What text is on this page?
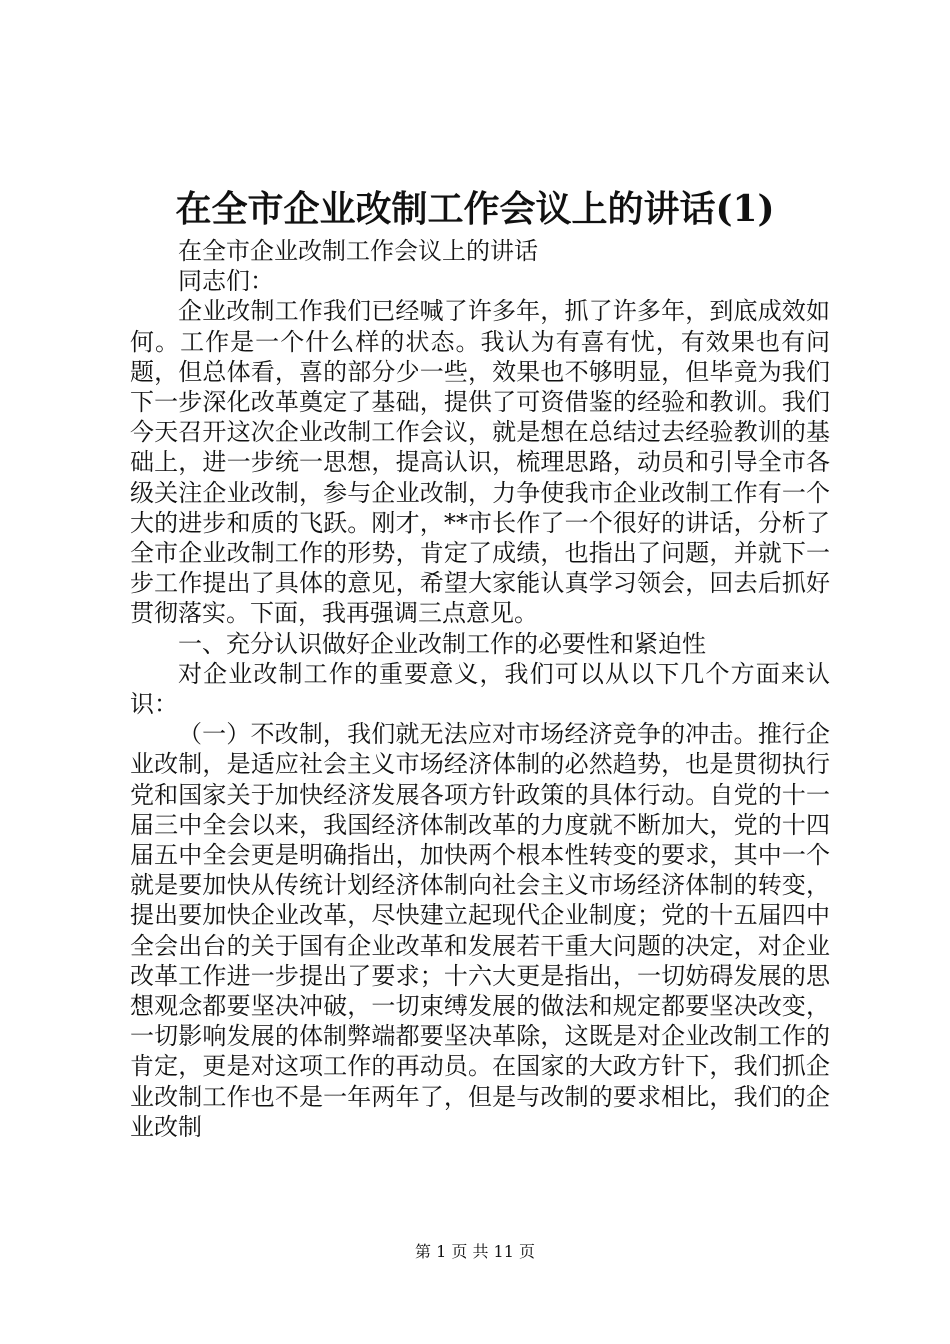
在全市企业改制工作会议上的讲话(1)

在全市企业改制工作会议上的讲话

同志们：

企业改制工作我们已经喊了许多年，抓了许多年，到底成效如何。工作是一个什么样的状态。我认为有喜有忧，有效果也有问题，但总体看，喜的部分少一些，效果也不够明显，但毕竟为我们下一步深化改革奠定了基础，提供了可资借鉴的经验和教训。我们今天召开这次企业改制工作会议，就是想在总结过去经验教训的基础上，进一步统一思想，提高认识，梳理思路，动员和引导全市各级关注企业改制，参与企业改制，力争使我市企业改制工作有一个大的进步和质的飞跃。刚才，**市长作了一个很好的讲话，分析了全市企业改制工作的形势，肯定了成绩，也指出了问题，并就下一步工作提出了具体的意见，希望大家能认真学习领会，回去后抓好贯彻落实。下面，我再强调三点意见。

一、充分认识做好企业改制工作的必要性和紧迫性

对企业改制工作的重要意义，我们可以从以下几个方面来认识：

（一）不改制，我们就无法应对市场经济竞争的冲击。推行企业改制，是适应社会主义市场经济体制的必然趋势，也是贯彻执行党和国家关于加快经济发展各项方针政策的具体行动。自党的十一届三中全会以来，我国经济体制改革的力度就不断加大，党的十四届五中全会更是明确指出，加快两个根本性转变的要求，其中一个就是要加快从传统计划经济体制向社会主义市场经济体制的转变，提出要加快企业改革，尽快建立起现代企业制度；党的十五届四中全会出台的关于国有企业改革和发展若干重大问题的决定，对企业改革工作进一步提出了要求；十六大更是指出，一切妨碍发展的思想观念都要坚决冲破，一切束缚发展的做法和规定都要坚决改变，一切影响发展的体制弊端都要坚决革除，这既是对企业改制工作的肯定，更是对这项工作的再动员。在国家的大政方针下，我们抓企业改制工作也不是一年两年了，但是与改制的要求相比，我们的企业改制

第 1 页 共 11 页
